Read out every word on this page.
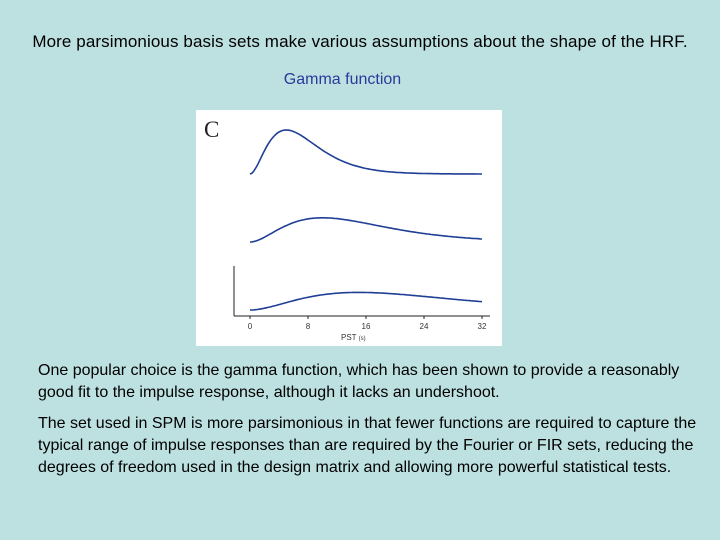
More parsimonious basis sets make various assumptions about the shape of the HRF.
Gamma function
C
0	8	16	24	32
PST (s)
One popular choice is the gamma function, which has been shown to provide a reasonably good fit to the impulse response, although it lacks an undershoot.
The set used in SPM is more parsimonious in that fewer functions are required to capture the typical range of impulse responses than are required by the Fourier or FIR sets, reducing the degrees of freedom used in the design matrix and allowing more powerful statistical tests.
